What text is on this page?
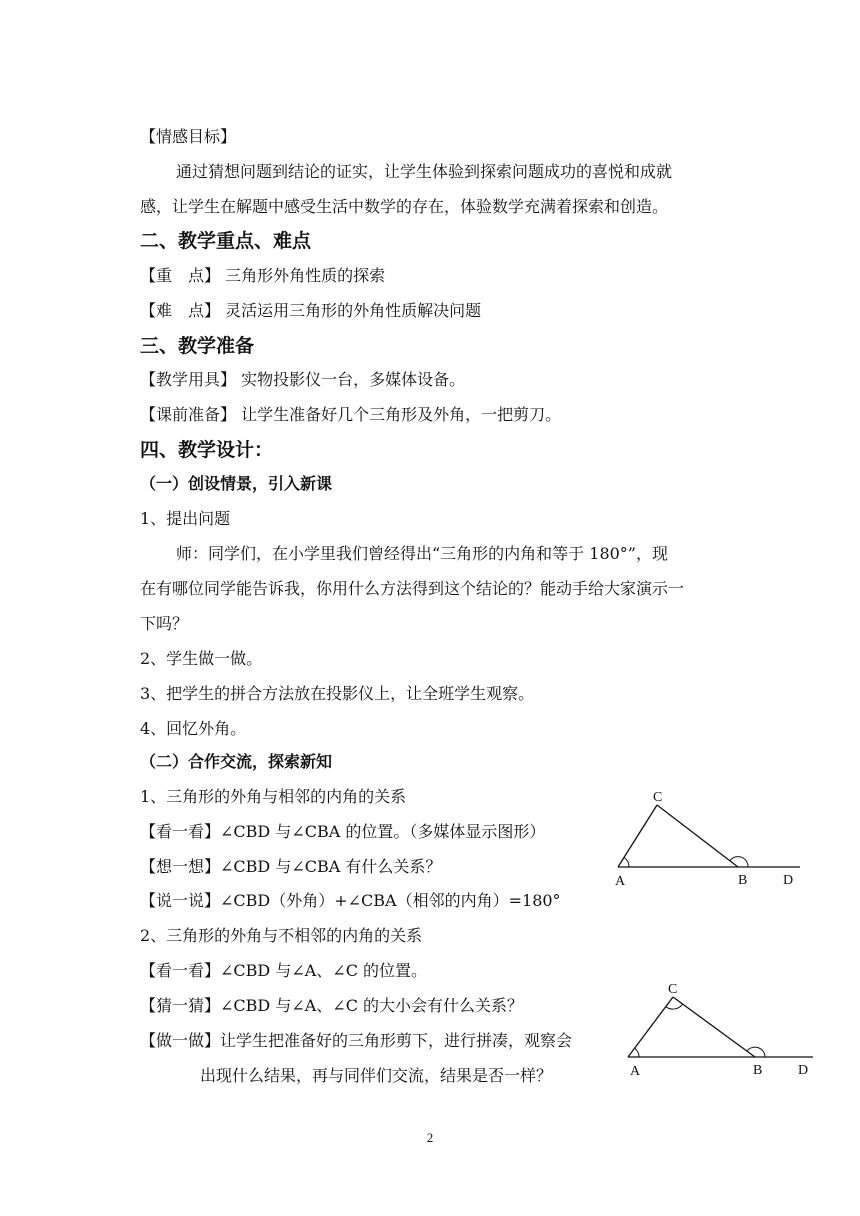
【情感目标】
通过猜想问题到结论的证实，让学生体验到探索问题成功的喜悦和成就
感，让学生在解题中感受生活中数学的存在，体验数学充满着探索和创造。
二、教学重点、难点
【重　点】 三角形外角性质的探索
【难　点】 灵活运用三角形的外角性质解决问题
三、教学准备
【教学用具】 实物投影仪一台，多媒体设备。
【课前准备】 让学生准备好几个三角形及外角，一把剪刀。
四、教学设计：
（一）创设情景，引入新课
1、提出问题
师：同学们，在小学里我们曾经得出“三角形的内角和等于 180°”，现
在有哪位同学能告诉我，你用什么方法得到这个结论的？能动手给大家演示一
下吗？
2、学生做一做。
3、把学生的拼合方法放在投影仪上，让全班学生观察。
4、回忆外角。
（二）合作交流，探索新知
1、三角形的外角与相邻的内角的关系
【看一看】∠CBD 与∠CBA 的位置。（多媒体显示图形）
【想一想】∠CBD 与∠CBA 有什么关系？
【说一说】∠CBD（外角）+∠CBA（相邻的内角）=180°
2、三角形的外角与不相邻的内角的关系
【看一看】∠CBD 与∠A、∠C 的位置。
【猜一猜】∠CBD 与∠A、∠C 的大小会有什么关系？
【做一做】让学生把准备好的三角形剪下，进行拼凑，观察会
出现什么结果，再与同伴们交流，结果是否一样？
C
A	B	D
C
A	B	D
2
